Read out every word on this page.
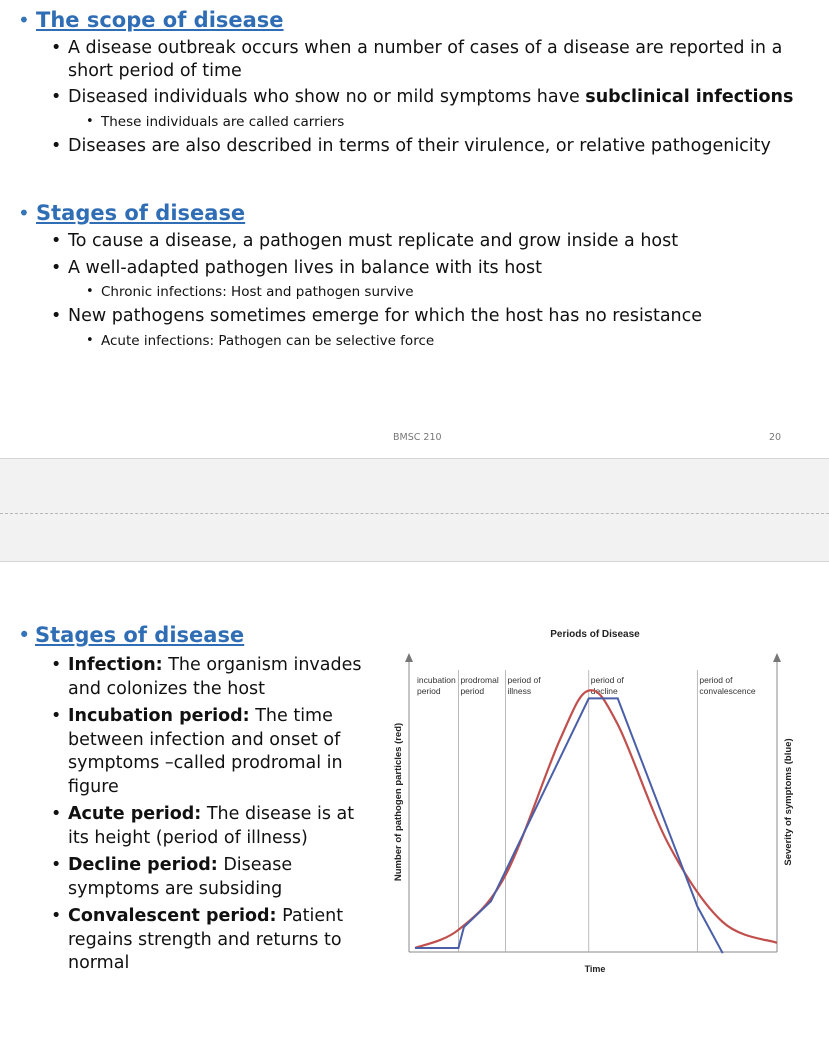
• The scope of disease
• A disease outbreak occurs when a number of cases of a disease are reported in a short period of time
• Diseased individuals who show no or mild symptoms have subclinical infections
• These individuals are called carriers
• Diseases are also described in terms of their virulence, or relative pathogenicity
• Stages of disease
• To cause a disease, a pathogen must replicate and grow inside a host
• A well-adapted pathogen lives in balance with its host
• Chronic infections: Host and pathogen survive
• New pathogens sometimes emerge for which the host has no resistance
• Acute infections: Pathogen can be selective force
BMSC 210	20
• Stages of disease
• Infection: The organism invades and colonizes the host
• Incubation period: The time between infection and onset of symptoms –called prodromal in figure
• Acute period: The disease is at its height (period of illness)
• Decline period: Disease symptoms are subsiding
• Convalescent period: Patient regains strength and returns to normal
Periods of Disease
incubation
period
prodromal
period
period of
illness
period of
decline
period of
convalescence
Time
Number of pathogen particles (red)	Severity of symptoms (blue)
